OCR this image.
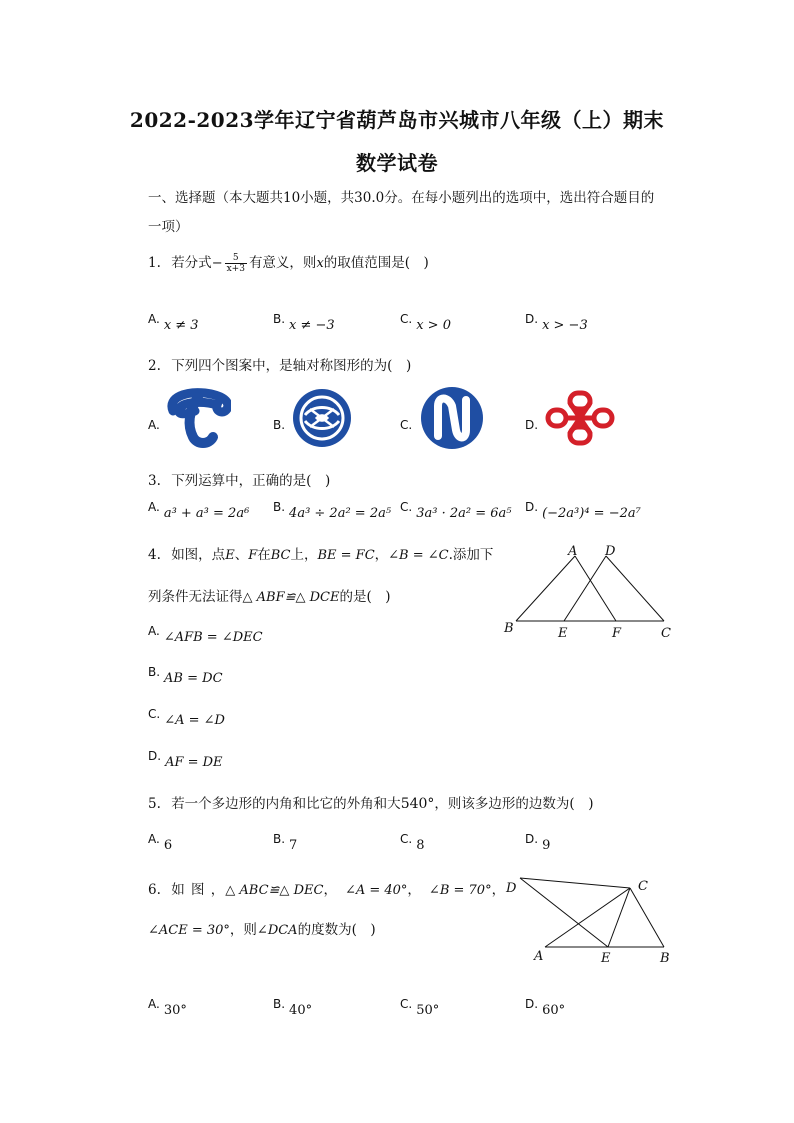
2022-2023学年辽宁省葫芦岛市兴城市八年级（上）期末
数学试卷
一、选择题（本大题共10小题，共30.0分。在每小题列出的选项中，选出符合题目的
一项）
1. 若分式− $\frac{5}{x+3}$ 有意义，则x的取值范围是(　)
A. x ≠ 3	B. x ≠ −3	C. x > 0	D. x > −3
2. 下列四个图案中，是轴对称图形的为(　)
A.	B.	C.	D.
3. 下列运算中，正确的是(　)
A. a³ + a³ = 2a⁶ B. 4a³ ÷ 2a² = 2a⁵ C. 3a³ · 2a² = 6a⁵ D. (−2a³)⁴ = −2a⁷
4. 如图，点E、F在BC上，BE = FC，∠B = ∠C.添加下
列条件无法证得△ ABF≌△ DCE的是(　)
A D
B	E	F	C
A. ∠AFB = ∠DEC
B. AB = DC
C. ∠A = ∠D
D. AF = DE
5. 若一个多边形的内角和比它的外角和大540°，则该多边形的边数为(　)
A. 6	B. 7	C. 8	D. 9
6. 如 图 ，△ ABC≌△ DEC， ∠A = 40°， ∠B = 70°，
∠ACE = 30°，则∠DCA的度数为(　)
D	C
A	E	B
A. 30°	B. 40°	C. 50°	D. 60°
